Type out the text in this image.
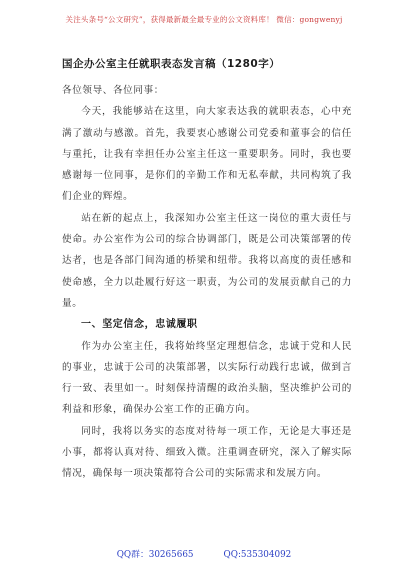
关注头条号“公文研究”，获得最新最全最专业的公文资料库！ 微信：gongwenyj
国企办公室主任就职表态发言稿（1280字）

各位领导、各位同事：

今天，我能够站在这里，向大家表达我的就职表态，心中充满了激动与感激。首先，我要衷心感谢公司党委和董事会的信任与重托，让我有幸担任办公室主任这一重要职务。同时，我也要感谢每一位同事，是你们的辛勤工作和无私奉献，共同构筑了我们企业的辉煌。

站在新的起点上，我深知办公室主任这一岗位的重大责任与使命。办公室作为公司的综合协调部门，既是公司决策部署的传达者，也是各部门间沟通的桥梁和纽带。我将以高度的责任感和使命感，全力以赴履行好这一职责，为公司的发展贡献自己的力量。

一、坚定信念，忠诚履职

作为办公室主任，我将始终坚定理想信念，忠诚于党和人民的事业，忠诚于公司的决策部署，以实际行动践行忠诚，做到言行一致、表里如一。时刻保持清醒的政治头脑，坚决维护公司的利益和形象，确保办公室工作的正确方向。

同时，我将以务实的态度对待每一项工作，无论是大事还是小事，都将认真对待、细致入微。注重调查研究，深入了解实际情况，确保每一项决策都符合公司的实际需求和发展方向。

QQ群：30265665	QQ:535304092
